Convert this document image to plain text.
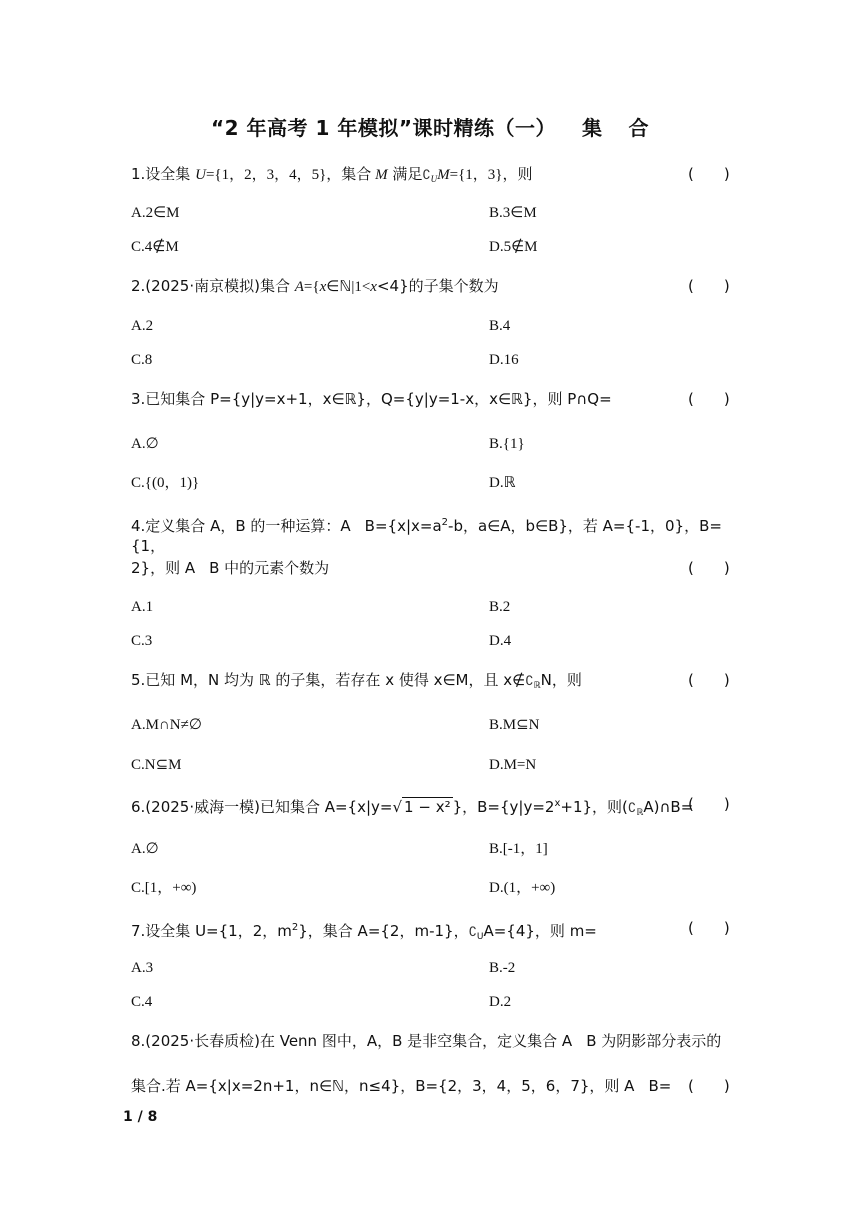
“2 年高考 1 年模拟”课时精练（一） 集 合
1.设全集 U={1，2，3，4，5}，集合 M 满足$∁_UM=\{1$，3}，则	(　　)
A.2∈M	B.3∈M
C.4∉M	D.5∉M
2.(2025·南京模拟)集合 A={x∈ℕ|1<x<4}的子集个数为	(　　)
A.2	B.4
C.8	D.16
3.已知集合 P={y|y=x+1，x∈ℝ}，Q={y|y=1-x，x∈ℝ}，则 P∩Q=	(　　)
A.∅	B.{1}
C.{(0，1)}	D.ℝ
4.定义集合 A，B 的一种运算：A $B=\{x|x=a^2-b$，a∈A，b∈B}，若 A={-1，0}，B={1，
2}，则 A B 中的元素个数为	(　　)
A.1	B.2
C.3	D.4
5.已知 M，N 均为 ℝ 的子集，若存在 x 使得 x∈M，且 $x\notin∁_ℝN$，则	(　　)
A.M∩N≠∅	B.M⊆N
C.N⊆M	D.M=N
6.(2025·威海一模)已知集合 A={x|y=√ 1 − x² }，$B=\{y|y=2^x+1\}$，则$(∁_ℝA)\cap B=$
(　　)
A.∅	B.[-1，1]
C.[1，+∞)	D.(1，+∞)
7.设全集 U={1，2，$m^2$}，集合 A={2，m-1}，$∁_UA=\{4\}$，则 m=	(　　)
A.3	B.-2
C.4	D.2
8.(2025·长春质检)在 Venn 图中，A，B 是非空集合，定义集合 A B 为阴影部分表示的
集合.若 A={x|x=2n+1，n∈ℕ，n≤4}，B={2，3，4，5，6，7}，则 A B=	(　　)
1 / 8
